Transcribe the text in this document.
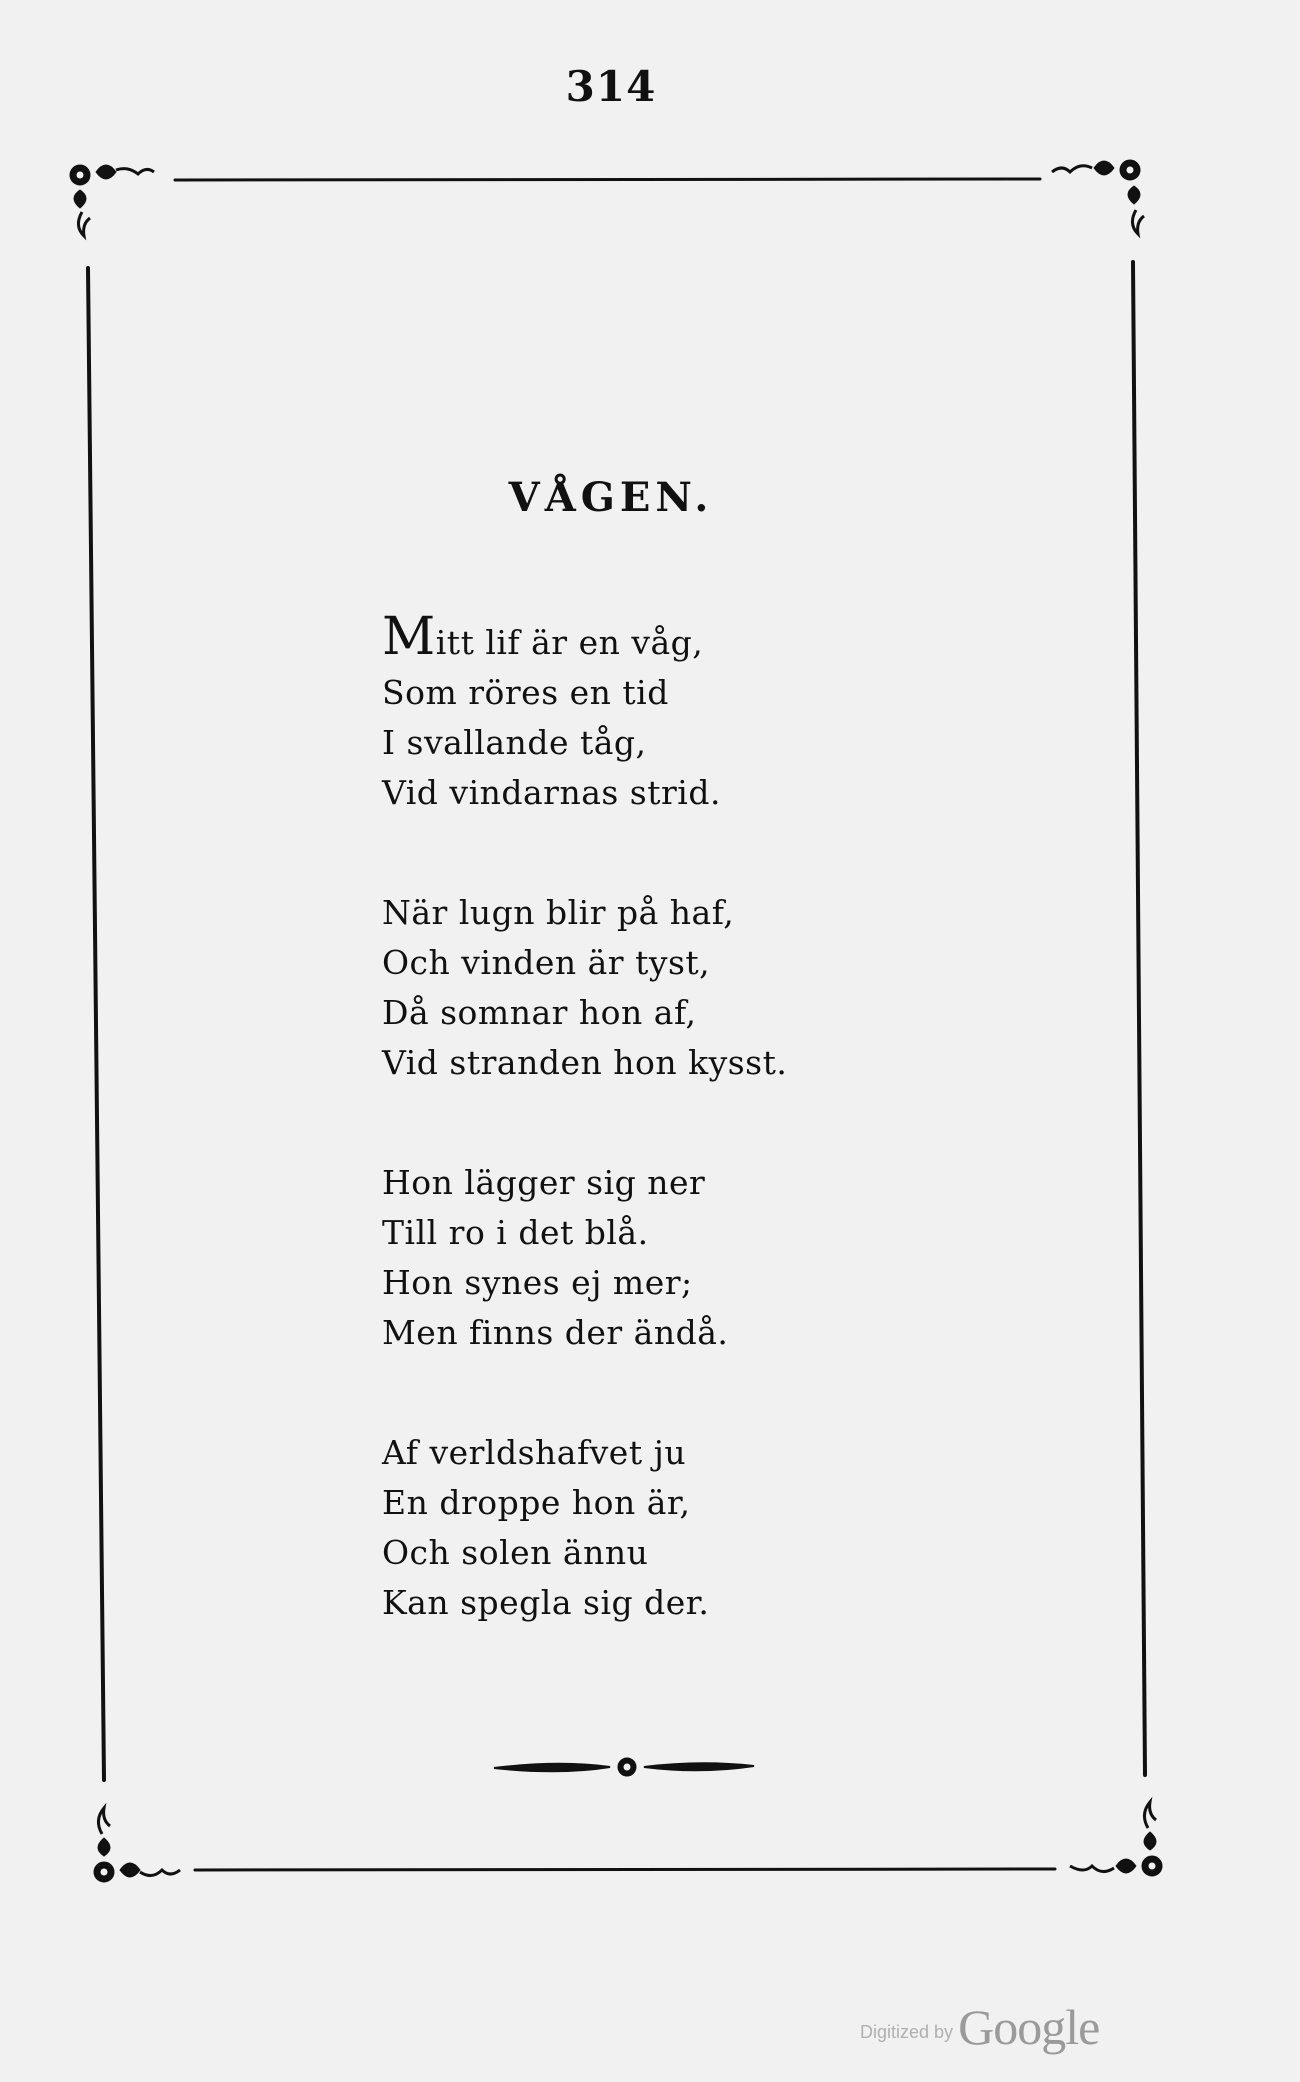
314
VÅGEN.
Mitt lif är en våg,
Som röres en tid
I svallande tåg,
Vid vindarnas strid.
När lugn blir på haf,
Och vinden är tyst,
Då somnar hon af,
Vid stranden hon kysst.
Hon lägger sig ner
Till ro i det blå.
Hon synes ej mer;
Men finns der ändå.
Af verldshafvet ju
En droppe hon är,
Och solen ännu
Kan spegla sig der.
Digitized by Google
